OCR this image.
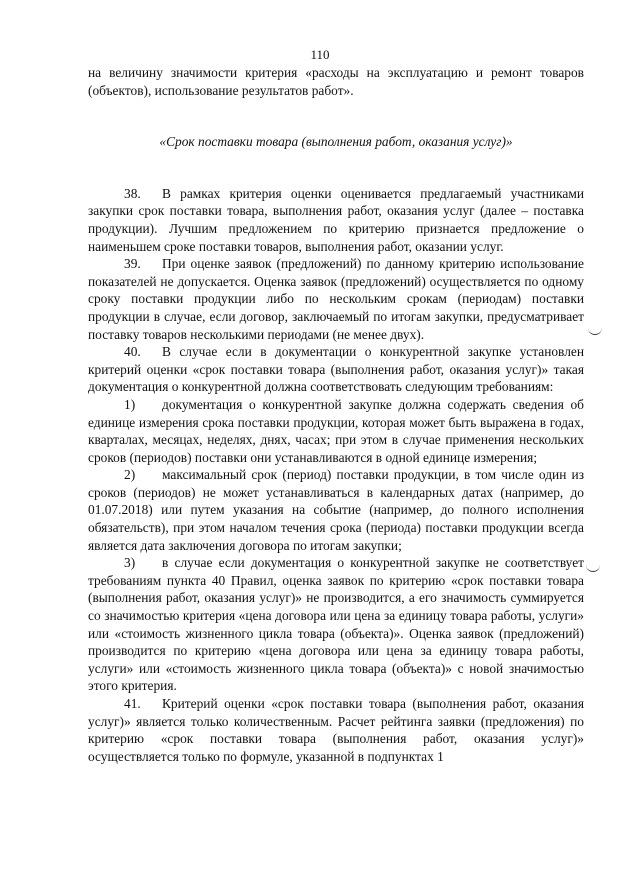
110

на величину значимости критерия «расходы на эксплуатацию и ремонт товаров (объектов), использование результатов работ».

«Срок поставки товара (выполнения работ, оказания услуг)»

38. В рамках критерия оценки оценивается предлагаемый участниками закупки срок поставки товара, выполнения работ, оказания услуг (далее – поставка продукции). Лучшим предложением по критерию признается предложение о наименьшем сроке поставки товаров, выполнения работ, оказании услуг.

39. При оценке заявок (предложений) по данному критерию использование показателей не допускается. Оценка заявок (предложений) осуществляется по одному сроку поставки продукции либо по нескольким срокам (периодам) поставки продукции в случае, если договор, заключаемый по итогам закупки, предусматривает поставку товаров несколькими периодами (не менее двух).

40. В случае если в документации о конкурентной закупке установлен критерий оценки «срок поставки товара (выполнения работ, оказания услуг)» такая документация о конкурентной должна соответствовать следующим требованиям:

1) документация о конкурентной закупке должна содержать сведения об единице измерения срока поставки продукции, которая может быть выражена в годах, кварталах, месяцах, неделях, днях, часах; при этом в случае применения нескольких сроков (периодов) поставки они устанавливаются в одной единице измерения;

2) максимальный срок (период) поставки продукции, в том числе один из сроков (периодов) не может устанавливаться в календарных датах (например, до 01.07.2018) или путем указания на событие (например, до полного исполнения обязательств), при этом началом течения срока (периода) поставки продукции всегда является дата заключения договора по итогам закупки;

3) в случае если документация о конкурентной закупке не соответствует требованиям пункта 40 Правил, оценка заявок по критерию «срок поставки товара (выполнения работ, оказания услуг)» не производится, а его значимость суммируется со значимостью критерия «цена договора или цена за единицу товара работы, услуги» или «стоимость жизненного цикла товара (объекта)». Оценка заявок (предложений) производится по критерию «цена договора или цена за единицу товара работы, услуги» или «стоимость жизненного цикла товара (объекта)» с новой значимостью этого критерия.

41. Критерий оценки «срок поставки товара (выполнения работ, оказания услуг)» является только количественным. Расчет рейтинга заявки (предложения) по критерию «срок поставки товара (выполнения работ, оказания услуг)» осуществляется только по формуле, указанной в подпунктах 1
